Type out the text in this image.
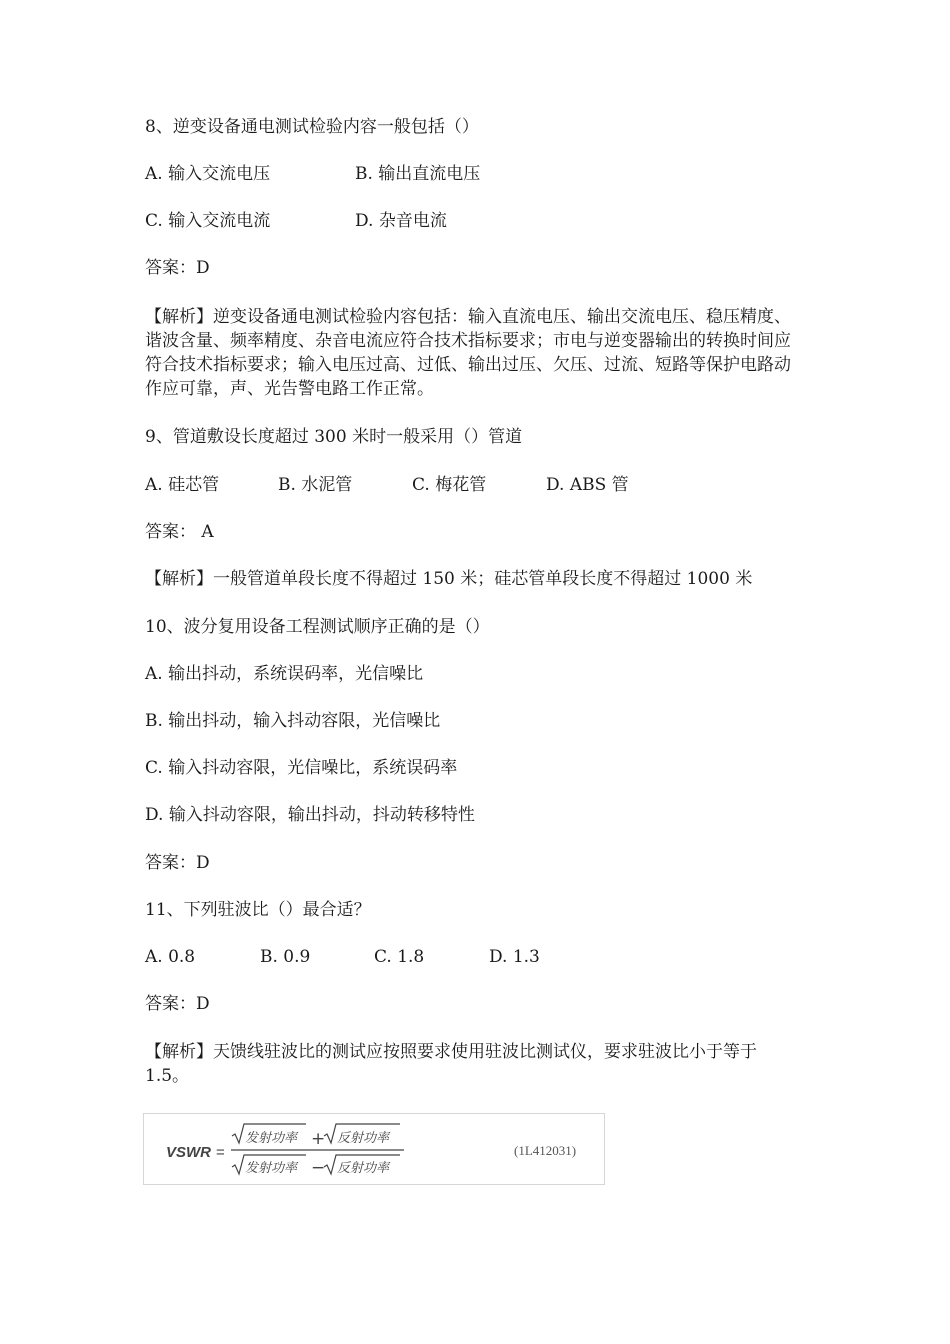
8、逆变设备通电测试检验内容一般包括（）
A. 输入交流电压	B. 输出直流电压
C. 输入交流电流	D. 杂音电流
答案：D
【解析】逆变设备通电测试检验内容包括：输入直流电压、输出交流电压、稳压精度、谐波含量、频率精度、杂音电流应符合技术指标要求；市电与逆变器输出的转换时间应符合技术指标要求；输入电压过高、过低、输出过压、欠压、过流、短路等保护电路动作应可靠，声、光告警电路工作正常。
9、管道敷设长度超过 300 米时一般采用（）管道
A. 硅芯管	B. 水泥管	C. 梅花管	D. ABS 管
答案： A
【解析】一般管道单段长度不得超过 150 米；硅芯管单段长度不得超过 1000 米
10、波分复用设备工程测试顺序正确的是（）
A. 输出抖动，系统误码率，光信噪比
B. 输出抖动，输入抖动容限，光信噪比
C. 输入抖动容限，光信噪比，系统误码率
D. 输入抖动容限，输出抖动，抖动转移特性
答案：D
11、下列驻波比（）最合适？
A. 0.8	B. 0.9	C. 1.8	D. 1.3
答案：D
【解析】天馈线驻波比的测试应按照要求使用驻波比测试仪，要求驻波比小于等于 1.5。
VSWR =
发射功率 + 反射功率
发射功率 − 反射功率
(1L412031)
